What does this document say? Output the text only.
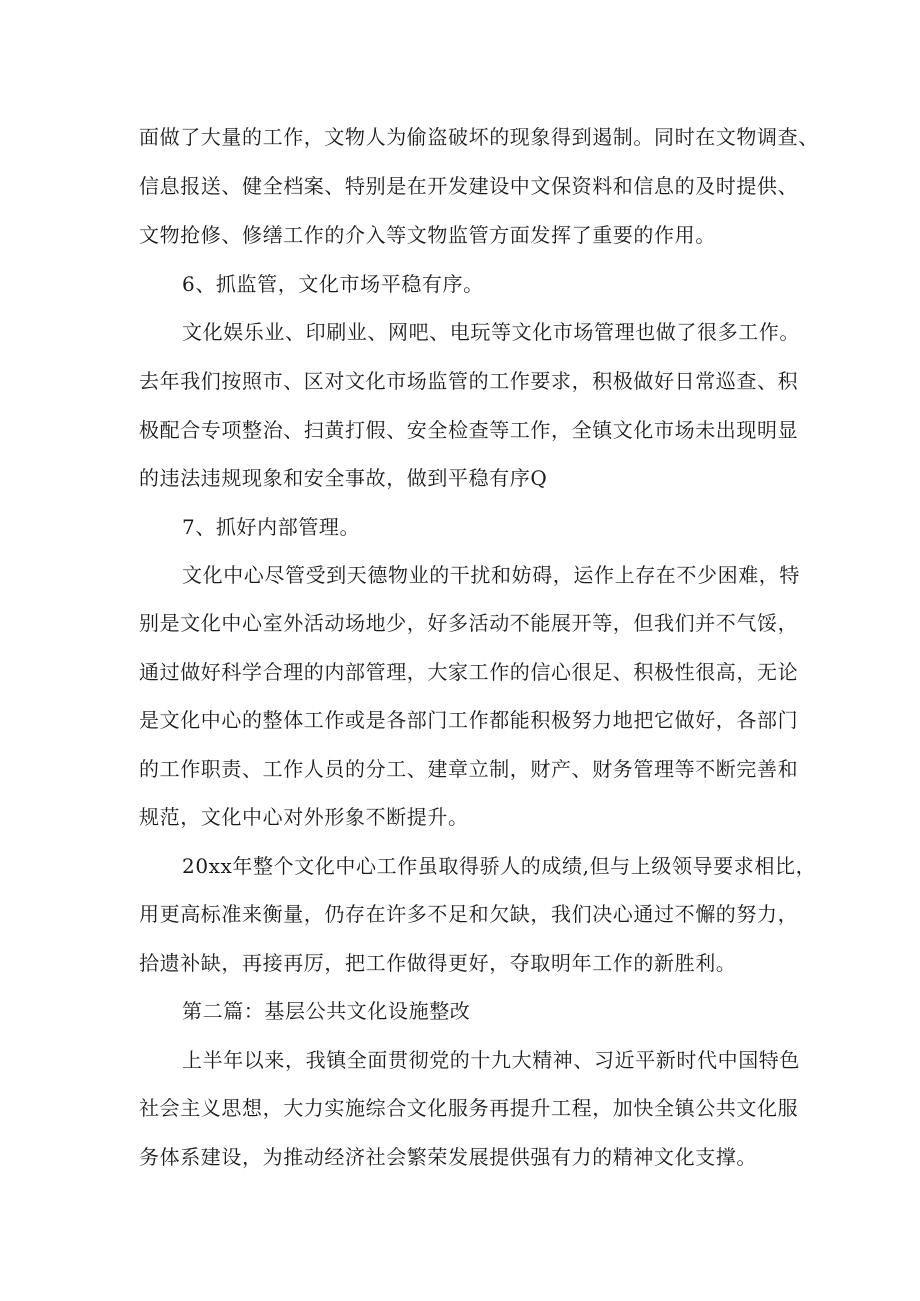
面做了大量的工作，文物人为偷盗破坏的现象得到遏制。同时在文物调查、
信息报送、健全档案、特别是在开发建设中文保资料和信息的及时提供、
文物抢修、修缮工作的介入等文物监管方面发挥了重要的作用。
6、抓监管，文化市场平稳有序。
文化娱乐业、印刷业、网吧、电玩等文化市场管理也做了很多工作。
去年我们按照市、区对文化市场监管的工作要求，积极做好日常巡查、积
极配合专项整治、扫黄打假、安全检查等工作，全镇文化市场未出现明显
的违法违规现象和安全事故，做到平稳有序Q
7、抓好内部管理。
文化中心尽管受到天德物业的干扰和妨碍，运作上存在不少困难，特
别是文化中心室外活动场地少，好多活动不能展开等，但我们并不气馁，
通过做好科学合理的内部管理，大家工作的信心很足、积极性很高，无论
是文化中心的整体工作或是各部门工作都能积极努力地把它做好，各部门
的工作职责、工作人员的分工、建章立制，财产、财务管理等不断完善和
规范，文化中心对外形象不断提升。
20xx年整个文化中心工作虽取得骄人的成绩,但与上级领导要求相比，
用更高标准来衡量，仍存在许多不足和欠缺，我们决心通过不懈的努力，
拾遗补缺，再接再厉，把工作做得更好，夺取明年工作的新胜利。
第二篇：基层公共文化设施整改
上半年以来，我镇全面贯彻党的十九大精神、习近平新时代中国特色
社会主义思想，大力实施综合文化服务再提升工程，加快全镇公共文化服
务体系建设，为推动经济社会繁荣发展提供强有力的精神文化支撑。
